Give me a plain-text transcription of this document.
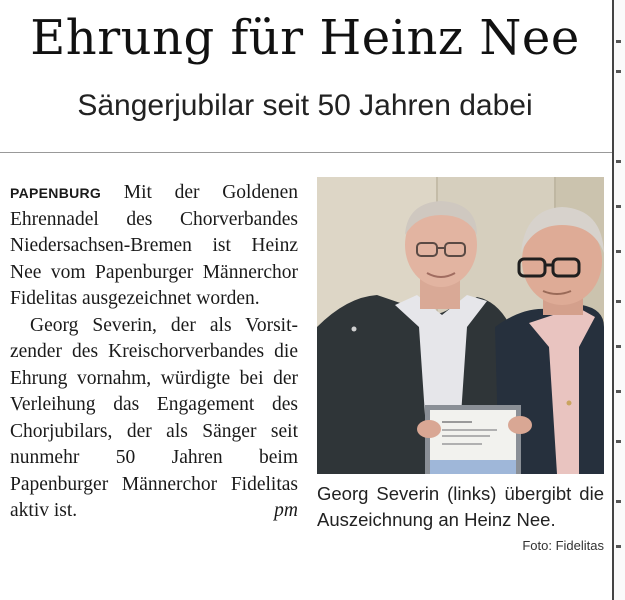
Ehrung für Heinz Nee
Sängerjubilar seit 50 Jahren dabei

PAPENBURG Mit der Goldenen Ehrennadel des Chorverbandes Niedersachsen-Bremen ist Heinz Nee vom Papenburger Männerchor Fidelitas ausgezeichnet worden.

Georg Severin, der als Vorsitzender des Kreischorverbandes die Ehrung vornahm, würdigte bei der Verleihung das Engagement des Chorjubilars, der als Sänger seit nunmehr 50 Jahren beim Papenburger Männerchor Fidelitas aktiv ist.	pm

Georg Severin (links) übergibt die Auszeichnung an Heinz Nee.
Foto: Fidelitas
